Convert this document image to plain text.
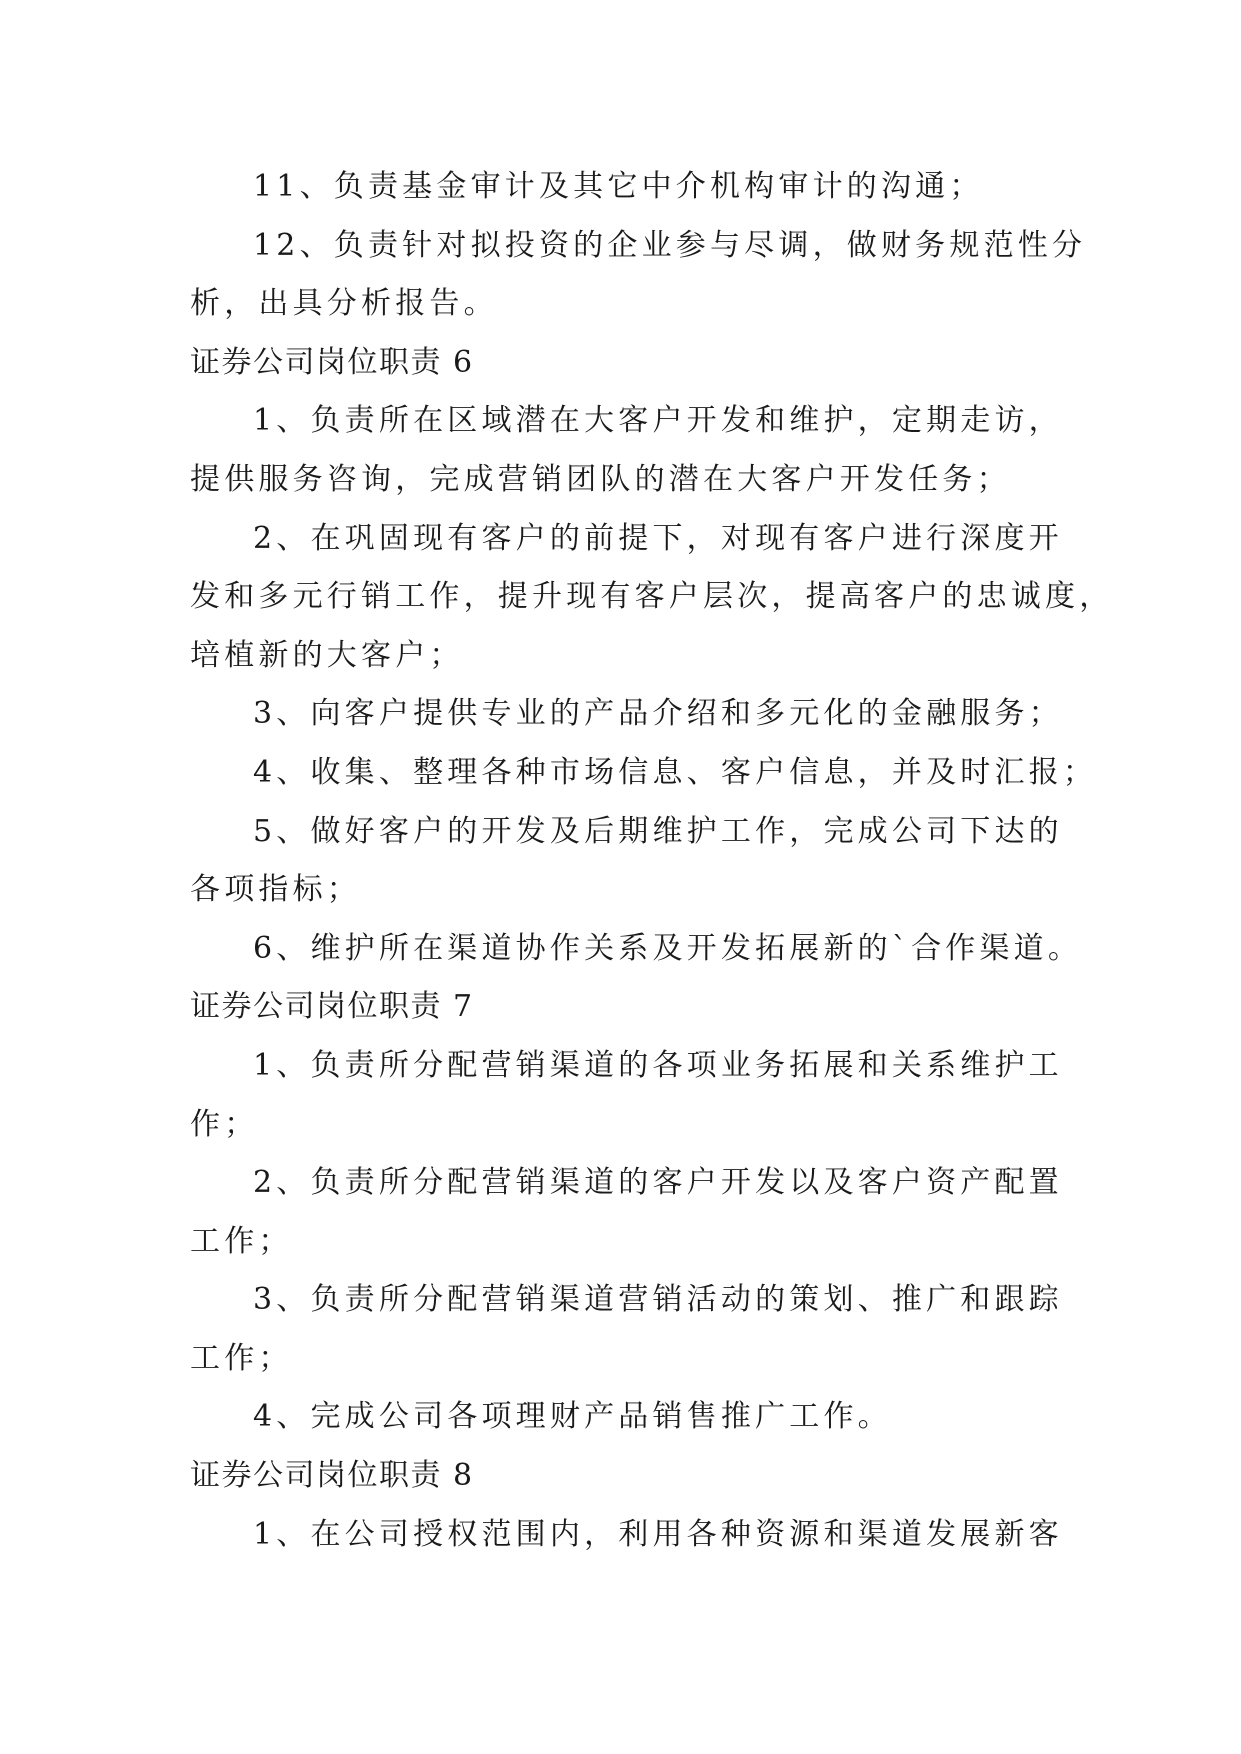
11、负责基金审计及其它中介机构审计的沟通；
12、负责针对拟投资的企业参与尽调，做财务规范性分
析，出具分析报告。
证券公司岗位职责 6
1、负责所在区域潜在大客户开发和维护，定期走访，
提供服务咨询，完成营销团队的潜在大客户开发任务；
2、在巩固现有客户的前提下，对现有客户进行深度开
发和多元行销工作，提升现有客户层次，提高客户的忠诚度，
培植新的大客户；
3、向客户提供专业的产品介绍和多元化的金融服务；
4、收集、整理各种市场信息、客户信息，并及时汇报；
5、做好客户的开发及后期维护工作，完成公司下达的
各项指标；
6、维护所在渠道协作关系及开发拓展新的`合作渠道。
证券公司岗位职责 7
1、负责所分配营销渠道的各项业务拓展和关系维护工
作；
2、负责所分配营销渠道的客户开发以及客户资产配置
工作；
3、负责所分配营销渠道营销活动的策划、推广和跟踪
工作；
4、完成公司各项理财产品销售推广工作。
证券公司岗位职责 8
1、在公司授权范围内，利用各种资源和渠道发展新客
